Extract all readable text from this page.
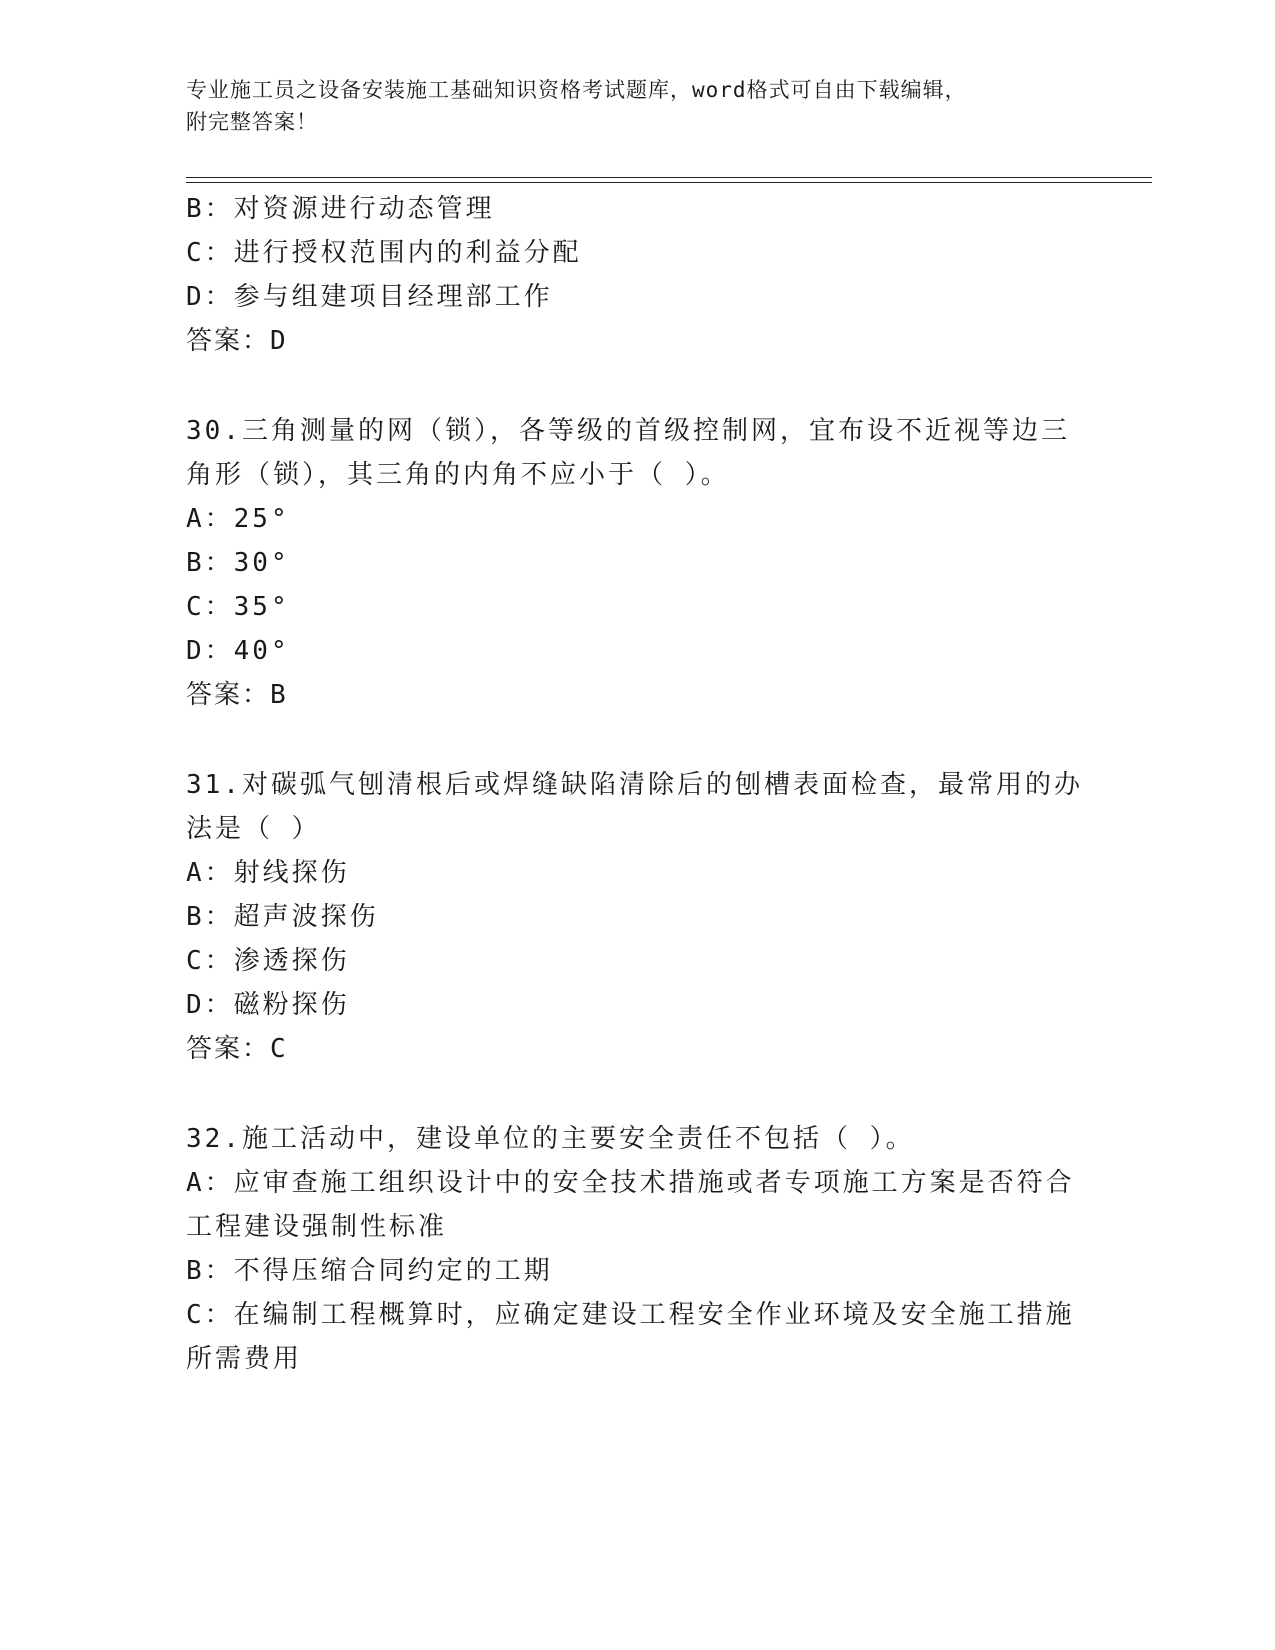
专业施工员之设备安装施工基础知识资格考试题库，word格式可自由下载编辑，
附完整答案！
B：对资源进行动态管理
C：进行授权范围内的利益分配
D：参与组建项目经理部工作
答案：D
30.三角测量的网（锁），各等级的首级控制网，宜布设不近视等边三
角形（锁），其三角的内角不应小于（ ）。
A：25°
B：30°
C：35°
D：40°
答案：B
31.对碳弧气刨清根后或焊缝缺陷清除后的刨槽表面检查，最常用的办
法是（ ）
A：射线探伤
B：超声波探伤
C：渗透探伤
D：磁粉探伤
答案：C
32.施工活动中，建设单位的主要安全责任不包括（ ）。
A：应审查施工组织设计中的安全技术措施或者专项施工方案是否符合
工程建设强制性标准
B：不得压缩合同约定的工期
C：在编制工程概算时，应确定建设工程安全作业环境及安全施工措施
所需费用
